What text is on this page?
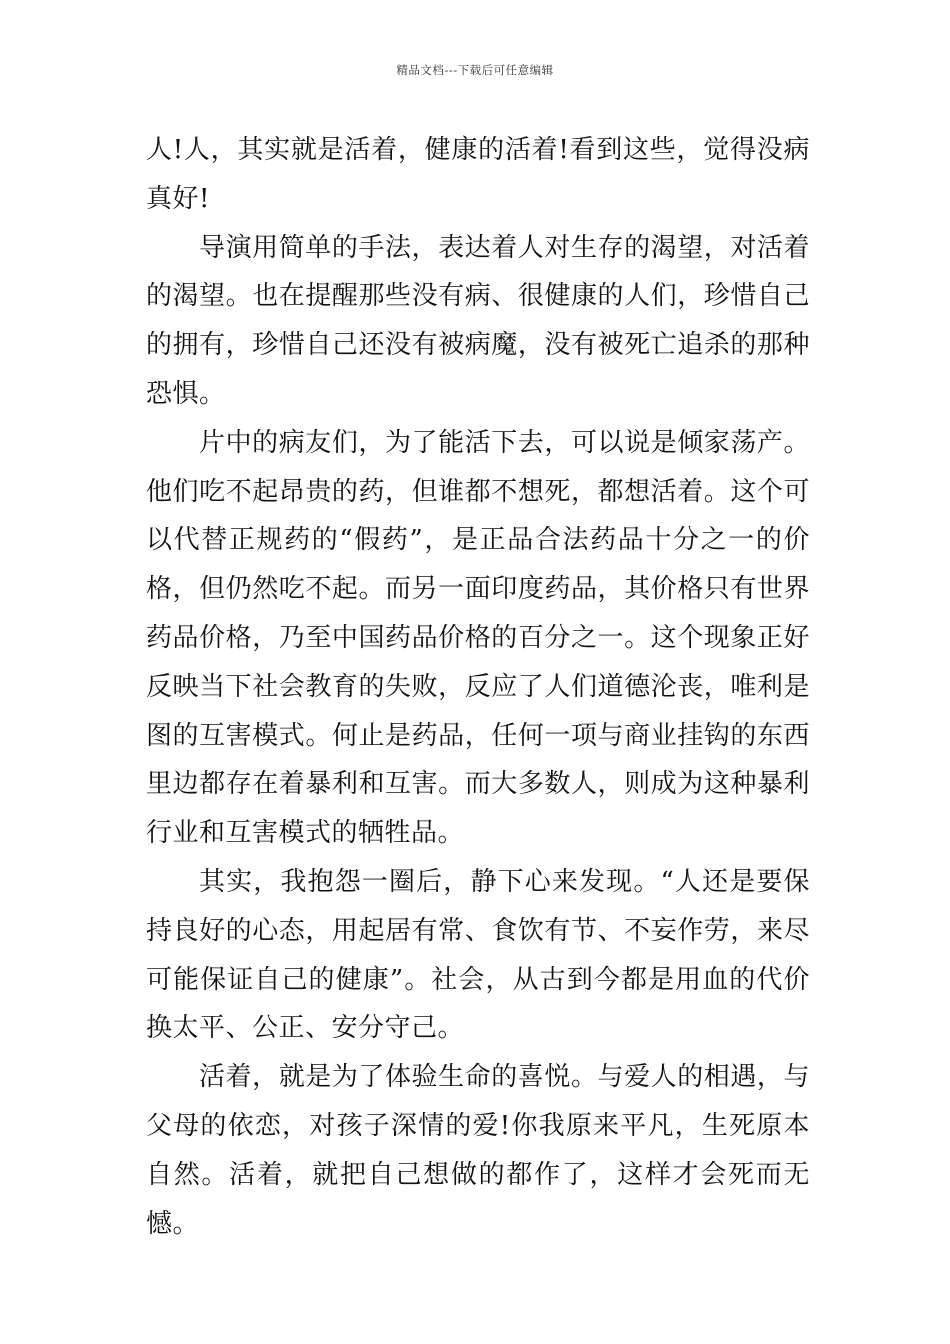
精品文档---下载后可任意编辑

人!人，其实就是活着，健康的活着!看到这些，觉得没病真好!

导演用简单的手法，表达着人对生存的渴望，对活着的渴望。也在提醒那些没有病、很健康的人们，珍惜自己的拥有，珍惜自己还没有被病魔，没有被死亡追杀的那种恐惧。

片中的病友们，为了能活下去，可以说是倾家荡产。他们吃不起昂贵的药，但谁都不想死，都想活着。这个可以代替正规药的“假药”，是正品合法药品十分之一的价格，但仍然吃不起。而另一面印度药品，其价格只有世界药品价格，乃至中国药品价格的百分之一。这个现象正好反映当下社会教育的失败，反应了人们道德沦丧，唯利是图的互害模式。何止是药品，任何一项与商业挂钩的东西里边都存在着暴利和互害。而大多数人，则成为这种暴利行业和互害模式的牺牲品。

其实，我抱怨一圈后，静下心来发现。“人还是要保持良好的心态，用起居有常、食饮有节、不妄作劳，来尽可能保证自己的健康”。社会，从古到今都是用血的代价换太平、公正、安分守己。

活着，就是为了体验生命的喜悦。与爱人的相遇，与父母的依恋，对孩子深情的爱!你我原来平凡，生死原本自然。活着，就把自己想做的都作了，这样才会死而无憾。
